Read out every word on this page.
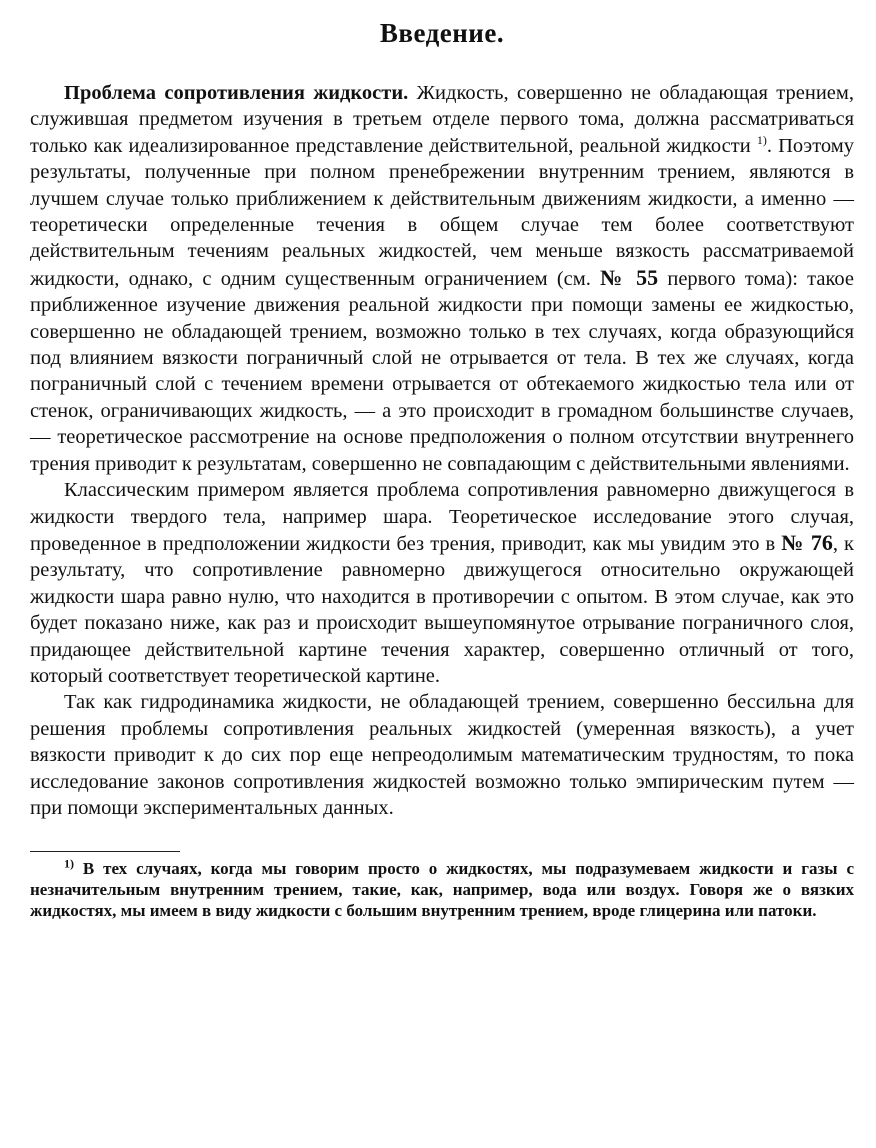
Введение.

Проблема сопротивления жидкости. Жидкость, совершенно не обладающая трением, служившая предметом изучения в третьем отделе первого тома, должна рассматриваться только как идеализированное представление действительной, реальной жидкости $^{1)}$. Поэтому результаты, полученные при полном пренебрежении внутренним трением, являются в лучшем случае только приближением к действительным движениям жидкости, а именно — теоретически определенные течения в общем случае тем более соответствуют действительным течениям реальных жидкостей, чем меньше вязкость рассматриваемой жидкости, однако, с одним существенным ограничением (см. № 55 первого тома): такое приближенное изучение движения реальной жидкости при помощи замены ее жидкостью, совершенно не обладающей трением, возможно только в тех случаях, когда образующийся под влиянием вязкости пограничный слой не отрывается от тела. В тех же случаях, когда пограничный слой с течением времени отрывается от обтекаемого жидкостью тела или от стенок, ограничивающих жидкость, — а это происходит в громадном большинстве случаев, — теоретическое рассмотрение на основе предположения о полном отсутствии внутреннего трения приводит к результатам, совершенно не совпадающим с действительными явлениями.

Классическим примером является проблема сопротивления равномерно движущегося в жидкости твердого тела, например шара. Теоретическое исследование этого случая, проведенное в предположении жидкости без трения, приводит, как мы увидим это в № 76, к результату, что сопротивление равномерно движущегося относительно окружающей жидкости шара равно нулю, что находится в противоречии с опытом. В этом случае, как это будет показано ниже, как раз и происходит вышеупомянутое отрывание пограничного слоя, придающее действительной картине течения характер, совершенно отличный от того, который соответствует теоретической картине.

Так как гидродинамика жидкости, не обладающей трением, совершенно бессильна для решения проблемы сопротивления реальных жидкостей (умеренная вязкость), а учет вязкости приводит к до сих пор еще непреодолимым математическим трудностям, то пока исследование законов сопротивления жидкостей возможно только эмпирическим путем — при помощи экспериментальных данных.

$^{1)}$ В тех случаях, когда мы говорим просто о жидкостях, мы подразумеваем жидкости и газы с незначительным внутренним трением, такие, как, например, вода или воздух. Говоря же о вязких жидкостях, мы имеем в виду жидкости с большим внутренним трением, вроде глицерина или патоки.
